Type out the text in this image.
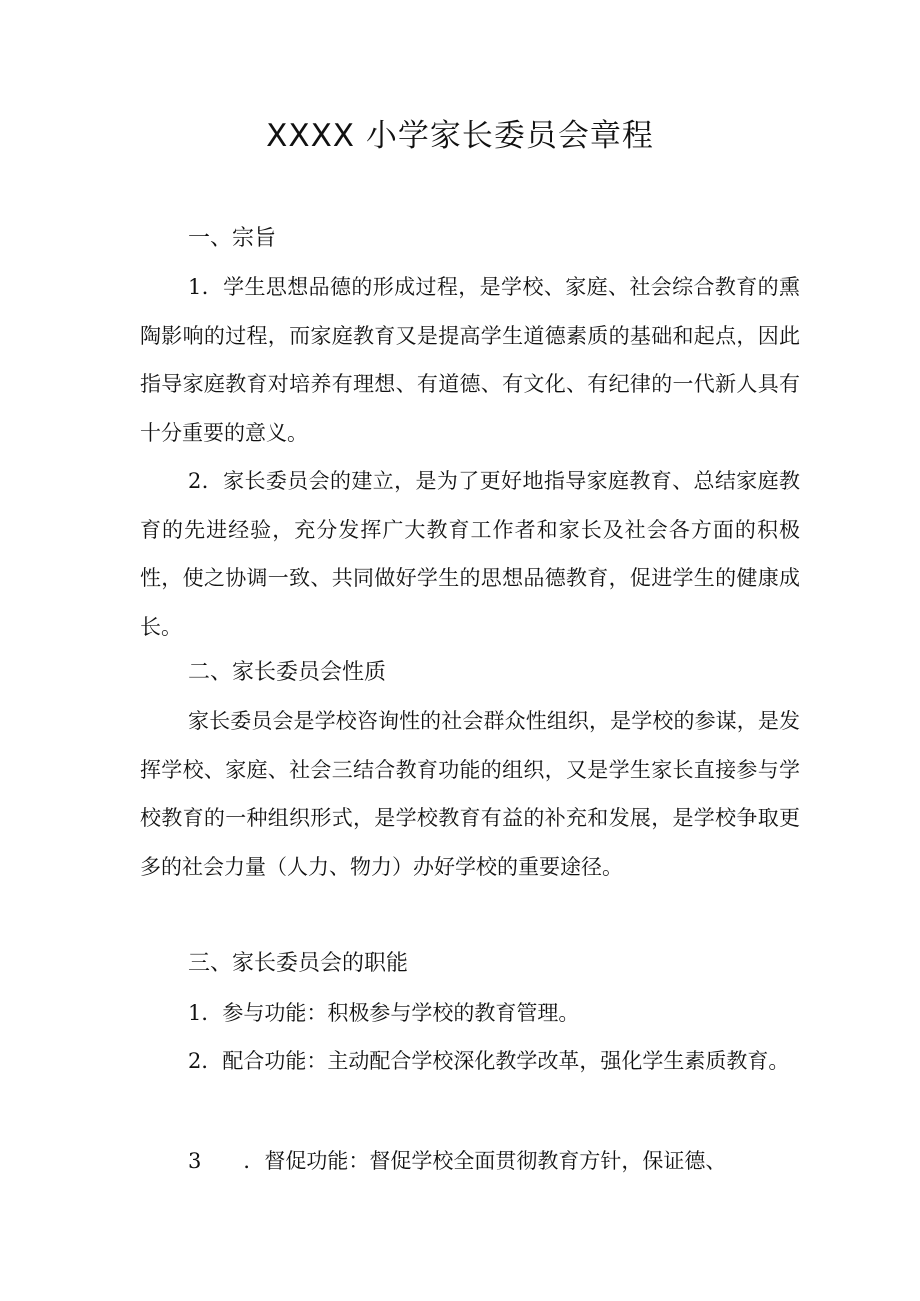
XXXX 小学家长委员会章程
一、宗旨
1．学生思想品德的形成过程，是学校、家庭、社会综合教育的熏陶影响的过程，而家庭教育又是提高学生道德素质的基础和起点，因此指导家庭教育对培养有理想、有道德、有文化、有纪律的一代新人具有十分重要的意义。
2．家长委员会的建立，是为了更好地指导家庭教育、总结家庭教育的先进经验，充分发挥广大教育工作者和家长及社会各方面的积极性，使之协调一致、共同做好学生的思想品德教育，促进学生的健康成长。
二、家长委员会性质
家长委员会是学校咨询性的社会群众性组织，是学校的参谋，是发挥学校、家庭、社会三结合教育功能的组织，又是学生家长直接参与学校教育的一种组织形式，是学校教育有益的补充和发展，是学校争取更多的社会力量（人力、物力）办好学校的重要途径。
三、家长委员会的职能
1．参与功能：积极参与学校的教育管理。
2．配合功能：主动配合学校深化教学改革，强化学生素质教育。
3　　．督促功能：督促学校全面贯彻教育方针，保证德、
